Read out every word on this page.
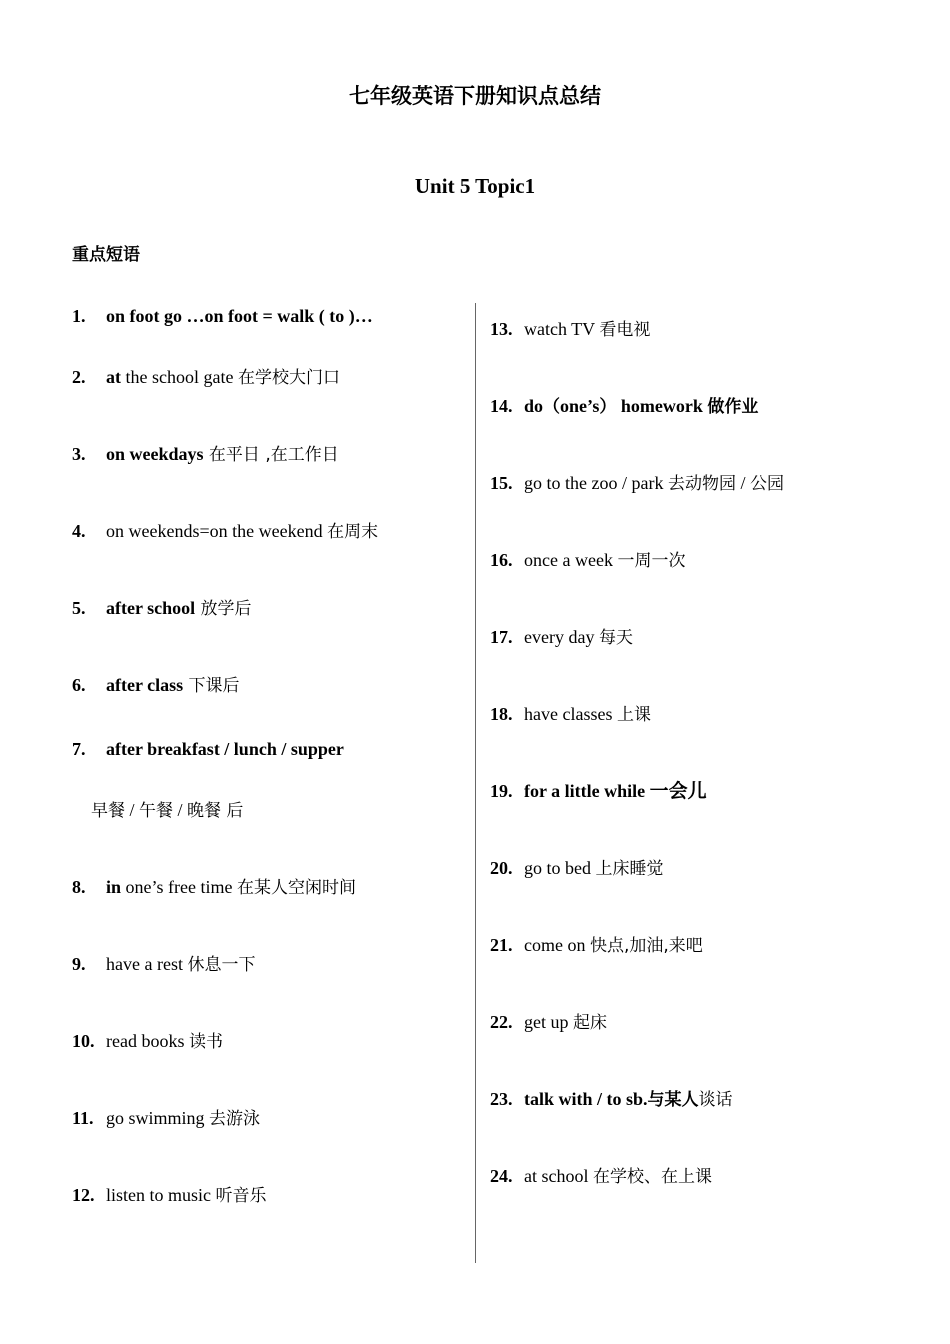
七年级英语下册知识点总结
Unit 5 Topic1
重点短语
1. on foot go …on foot = walk ( to )…
2. at the school gate 在学校大门口
3. on weekdays 在平日 ,在工作日
4. on weekends=on the weekend 在周末
5. after school 放学后
6. after class 下课后
7. after breakfast / lunch / supper
早餐 / 午餐 / 晚餐 后
8. in one’s free time 在某人空闲时间
9. have a rest 休息一下
10. read books 读书
11. go swimming 去游泳
12. listen to music 听音乐
13. watch TV 看电视
14. do（one’s） homework 做作业
15. go to the zoo / park 去动物园 / 公园
16. once a week 一周一次
17. every day 每天
18. have classes 上课
19. for a little while 一会儿
20. go to bed 上床睡觉
21. come on 快点,加油,来吧
22. get up 起床
23. talk with / to sb.与某人谈话
24. at school 在学校、在上课
